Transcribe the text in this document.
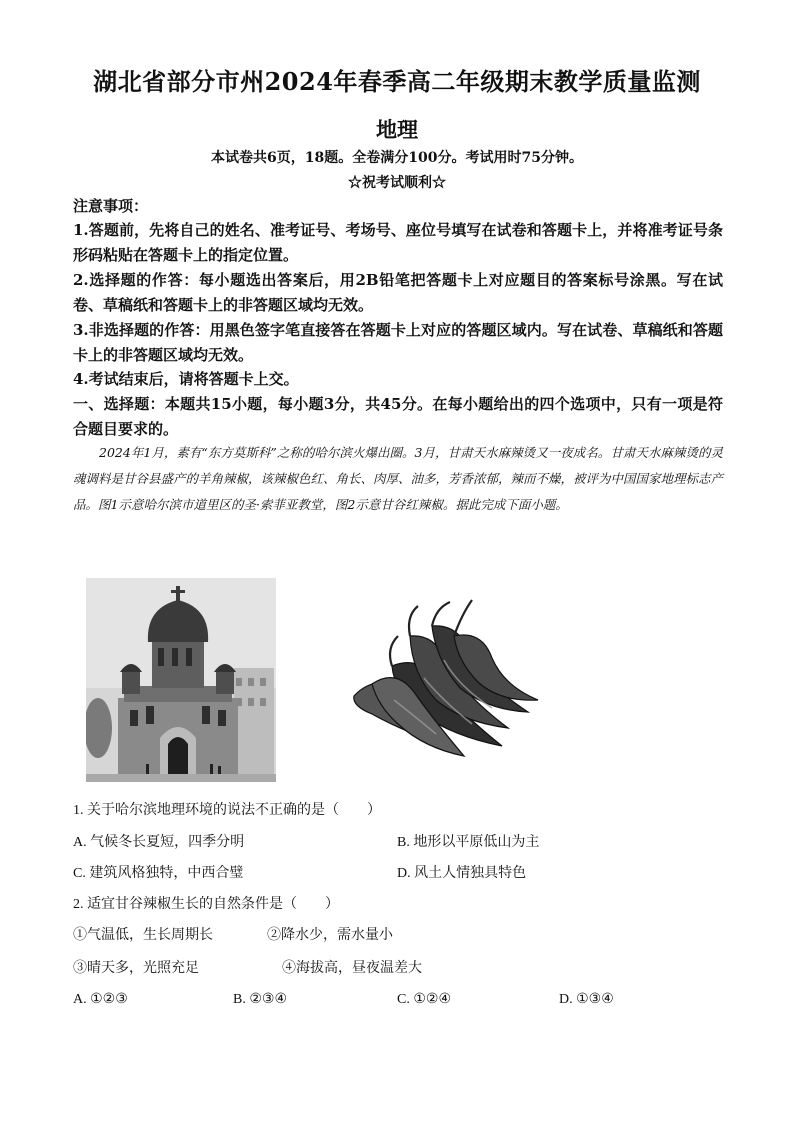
湖北省部分市州2024年春季高二年级期末教学质量监测
地理
本试卷共6页，18题。全卷满分100分。考试用时75分钟。
☆祝考试顺利☆
注意事项：
1.答题前，先将自己的姓名、准考证号、考场号、座位号填写在试卷和答题卡上，并将准考证号条形码粘贴在答题卡上的指定位置。
2.选择题的作答：每小题选出答案后，用2B铅笔把答题卡上对应题目的答案标号涂黑。写在试卷、草稿纸和答题卡上的非答题区域均无效。
3.非选择题的作答：用黑色签字笔直接答在答题卡上对应的答题区域内。写在试卷、草稿纸和答题卡上的非答题区域均无效。
4.考试结束后，请将答题卡上交。
一、选择题：本题共15小题，每小题3分，共45分。在每小题给出的四个选项中，只有一项是符合题目要求的。
2024年1月，素有“东方莫斯科”之称的哈尔滨火爆出圈。3月，甘肃天水麻辣烫又一夜成名。甘肃天水麻辣烫的灵魂调料是甘谷县盛产的羊角辣椒，该辣椒色红、角长、肉厚、油多，芳香浓郁，辣而不燥，被评为中国国家地理标志产品。图1示意哈尔滨市道里区的圣·索菲亚教堂，图2示意甘谷红辣椒。据此完成下面小题。
1. 关于哈尔滨地理环境的说法不正确的是（　　）
A. 气候冬长夏短，四季分明	B. 地形以平原低山为主
C. 建筑风格独特，中西合璧	D. 风土人情独具特色
2. 适宜甘谷辣椒生长的自然条件是（　　）
①气温低，生长周期长	②降水少，需水量小
③晴天多，光照充足	④海拔高，昼夜温差大
A. ①②③	B. ②③④	C. ①②④	D. ①③④
